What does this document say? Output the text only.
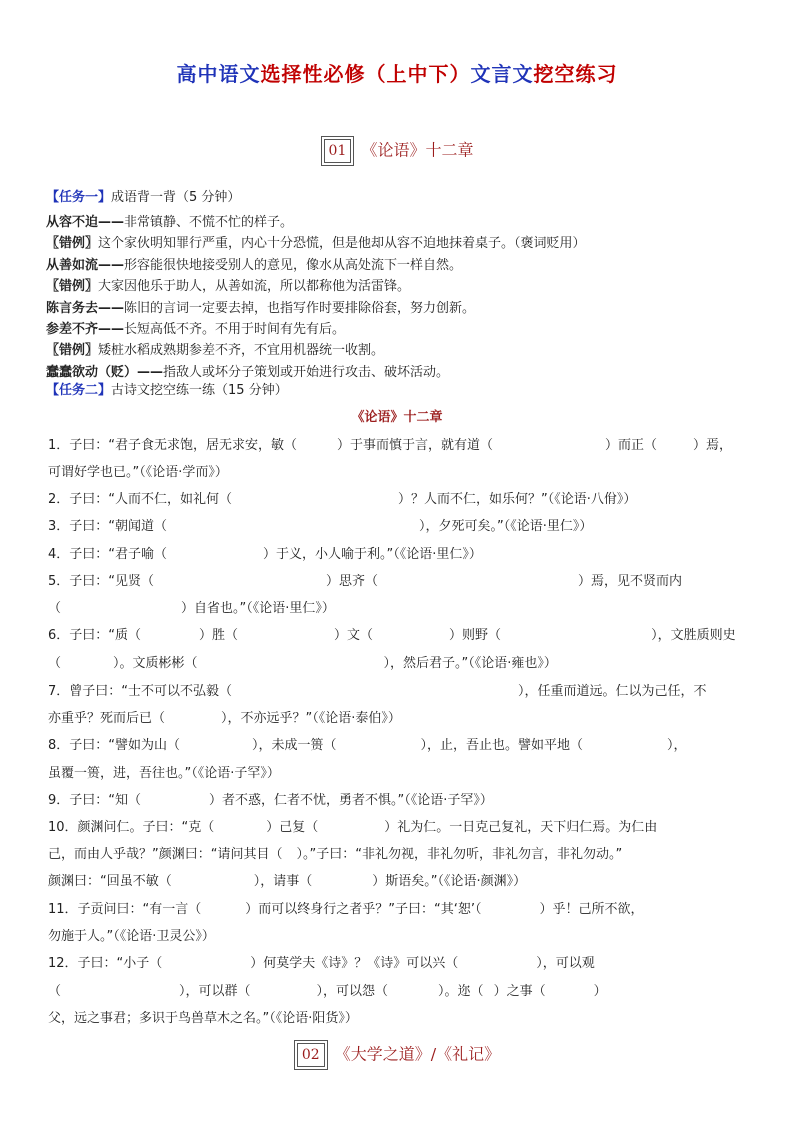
高中语文选择性必修（上中下）文言文挖空练习
01 《论语》十二章
【任务一】成语背一背（5 分钟）

从容不迫——非常镇静、不慌不忙的样子。

〖错例〗这个家伙明知罪行严重，内心十分恐慌，但是他却从容不迫地抹着桌子。（褒词贬用）

从善如流——形容能很快地接受别人的意见，像水从高处流下一样自然。

〖错例〗大家因他乐于助人，从善如流，所以都称他为活雷锋。

陈言务去——陈旧的言词一定要去掉，也指写作时要排除俗套，努力创新。

参差不齐——长短高低不齐。不用于时间有先有后。

〖错例〗矮桩水稻成熟期参差不齐，不宜用机器统一收割。

蠢蠢欲动（贬）——指敌人或坏分子策划或开始进行攻击、破坏活动。

【任务二】古诗文挖空练一练（15 分钟）
《论语》十二章
1．子曰：“君子食无求饱，居无求安，敏（	）于事而慎于言，就有道（	）而正（	）焉，
可谓好学也已。”（《论语·学而》）
2．子曰：“人而不仁，如礼何（	）？人而不仁，如乐何？”（《论语·八佾》）
3．子曰：“朝闻道（	），夕死可矣。”（《论语·里仁》）
4．子曰：“君子喻（	）于义，小人喻于利。”（《论语·里仁》）
5．子曰：“见贤（	）思齐（	）焉，见不贤而内
（	）自省也。”（《论语·里仁》）
6．子曰：“质（	）胜（	）文（	）则野（	），文胜质则史
（	）。文质彬彬（	），然后君子。”（《论语·雍也》）
7．曾子曰：“士不可以不弘毅（	），任重而道远。仁以为己任，不
亦重乎？死而后已（	），不亦远乎？”（《论语·泰伯》）
8．子曰：“譬如为山（	），未成一篑（	），止，吾止也。譬如平地（	），
虽覆一篑，进，吾往也。”（《论语·子罕》）
9．子曰：“知（	）者不惑，仁者不忧，勇者不惧。”（《论语·子罕》）
10．颜渊问仁。子曰：“克（	）己复（	）礼为仁。一日克己复礼，天下归仁焉。为仁由
己，而由人乎哉？”颜渊曰：“请问其目（ ）。”子曰：“非礼勿视，非礼勿听，非礼勿言，非礼勿动。”
颜渊曰：“回虽不敏（	），请事（	）斯语矣。”（《论语·颜渊》）
11．子贡问曰：“有一言（	）而可以终身行之者乎？”子曰：“其‘恕’（	）乎！己所不欲，
勿施于人。”（《论语·卫灵公》）
12．子曰：“小子（	）何莫学夫《诗》？《诗》可以兴（	），可以观
（	），可以群（	），可以怨（	）。迩（ ）之事（	）
父，远之事君；多识于鸟兽草木之名。”（《论语·阳货》）
02 《大学之道》/《礼记》
